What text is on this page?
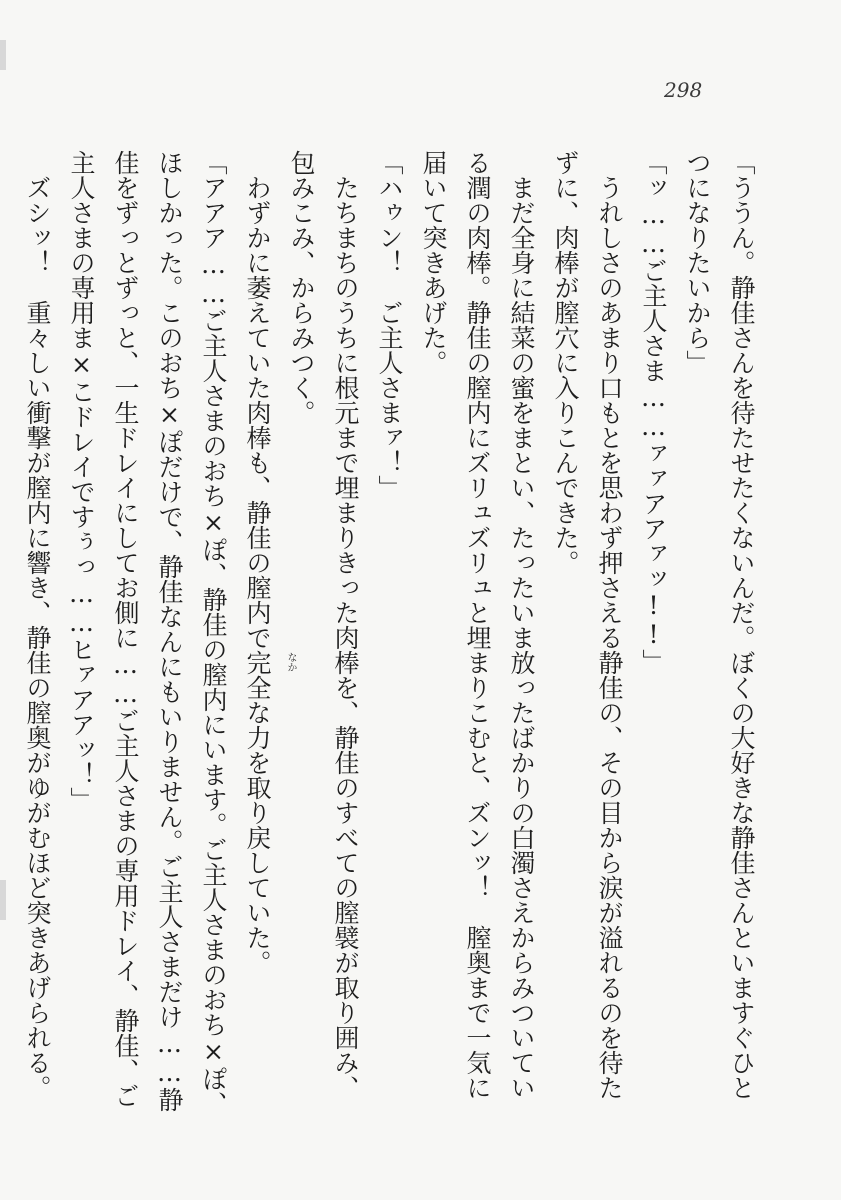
298
「ううん。静佳さんを待たせたくないんだ。ぼくの大好きな静佳さんといますぐひと
つになりたいから」
「ッ……ご主人さま……ァァアアァッ!!」
　うれしさのあまり口もとを思わず押さえる静佳の、その目から涙が溢れるのを待た
ずに、肉棒が膣穴に入りこんできた。
　まだ全身に結菜の蜜をまとい、たったいま放ったばかりの白濁さえからみついてい
る潤の肉棒。静佳の膣内にズリュズリュと埋まりこむと、ズンッ！　膣奥まで一気に
届いて突きあげた。
「ハゥン！　ご主人さまァ！」
　たちまちのうちに根元まで埋まりきった肉棒を、静佳のすべての膣襞が取り囲み、
包みこみ、からみつく。
　わずかに萎えていた肉棒も、静佳の膣内で完全な力を取り戻していた。
「アアア……ご主人さまのおち×ぽ、静佳の膣内にいます。ご主人さまのおち×ぽ、
ほしかった。このおち×ぽだけで、静佳なんにもいりません。ご主人さまだけ……静
佳をずっとずっと、一生ドレイにしてお側に……ご主人さまの専用ドレイ、静佳、ご
主人さまの専用ま×こドレイですぅっ……ヒァアアッ！」
　ズシッ！　重々しい衝撃が膣内に響き、静佳の膣奥がゆがむほど突きあげられる。	なか
